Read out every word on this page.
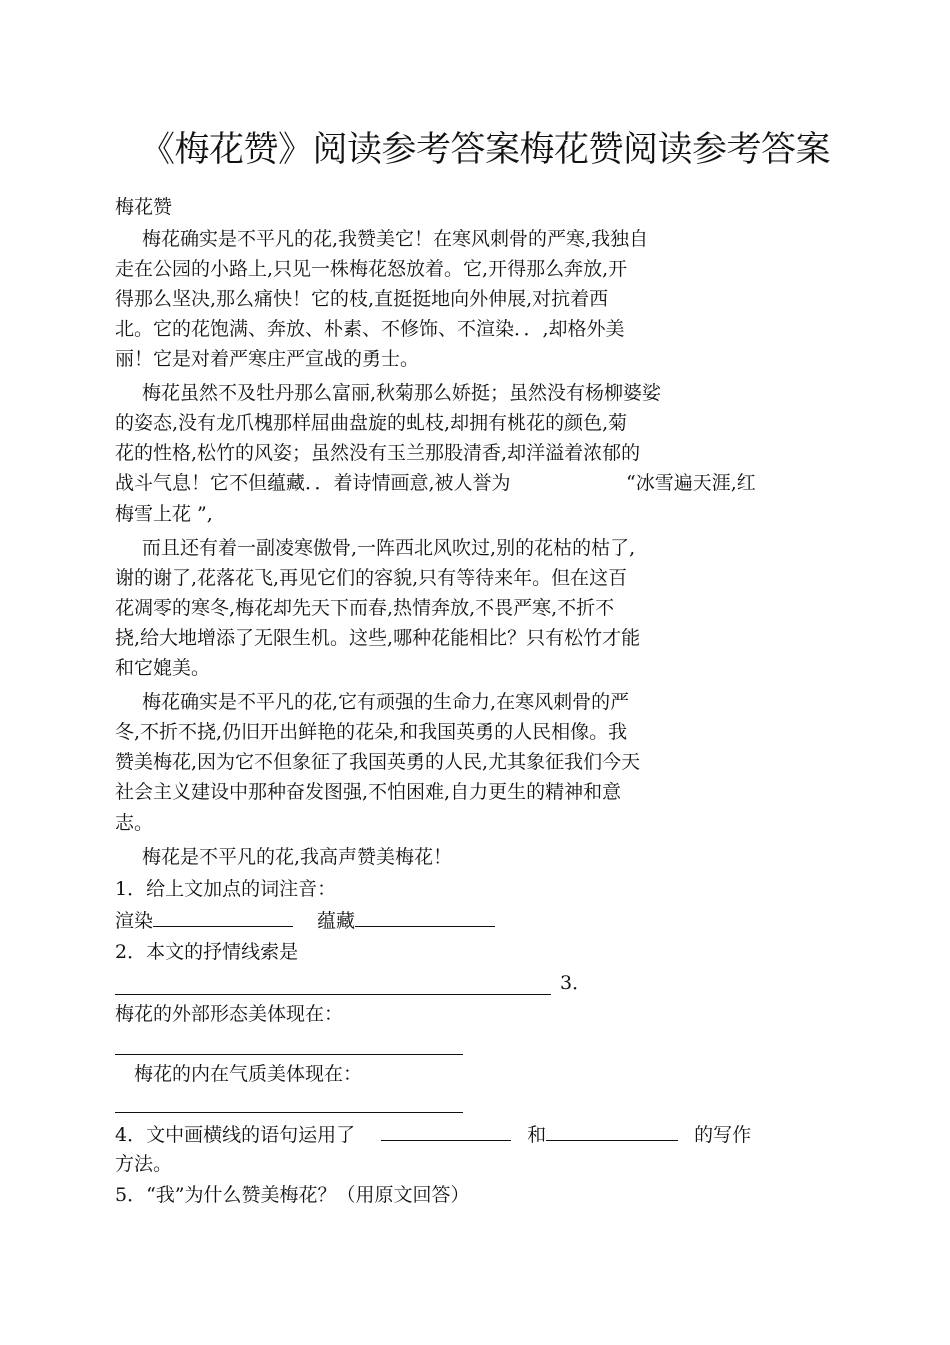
《梅花赞》阅读参考答案梅花赞阅读参考答案
梅花赞
梅花确实是不平凡的花,我赞美它！在寒风刺骨的严寒,我独自
走在公园的小路上,只见一株梅花怒放着。它,开得那么奔放,开
得那么坚决,那么痛快！它的枝,直挺挺地向外伸展,对抗着西
北。它的花饱满、奔放、朴素、不修饰、不渲染．．,却格外美
丽！它是对着严寒庄严宣战的勇士。
梅花虽然不及牡丹那么富丽,秋菊那么娇挺；虽然没有杨柳婆娑
的姿态,没有龙爪槐那样屈曲盘旋的虬枝,却拥有桃花的颜色,菊
花的性格,松竹的风姿；虽然没有玉兰那股清香,却洋溢着浓郁的
战斗气息！它不但蕴藏．．着诗情画意,被人誉为	“冰雪遍天涯,红
梅雪上花 ”,
而且还有着一副凌寒傲骨,一阵西北风吹过,别的花枯的枯了,
谢的谢了,花落花飞,再见它们的容貌,只有等待来年。但在这百
花凋零的寒冬,梅花却先天下而春,热情奔放,不畏严寒,不折不
挠,给大地增添了无限生机。这些,哪种花能相比？只有松竹才能
和它媲美。
梅花确实是不平凡的花,它有顽强的生命力,在寒风刺骨的严
冬,不折不挠,仍旧开出鲜艳的花朵,和我国英勇的人民相像。我
赞美梅花,因为它不但象征了我国英勇的人民,尤其象征我们今天
社会主义建设中那种奋发图强,不怕困难,自力更生的精神和意
志。
梅花是不平凡的花,我高声赞美梅花！
1．给上文加点的词注音：
渲染	蕴藏
2．本文的抒情线索是
3．
梅花的外部形态美体现在：
梅花的内在气质美体现在：
4．文中画横线的语句运用了	和	的写作
方法。
5．“我”为什么赞美梅花？（用原文回答）
